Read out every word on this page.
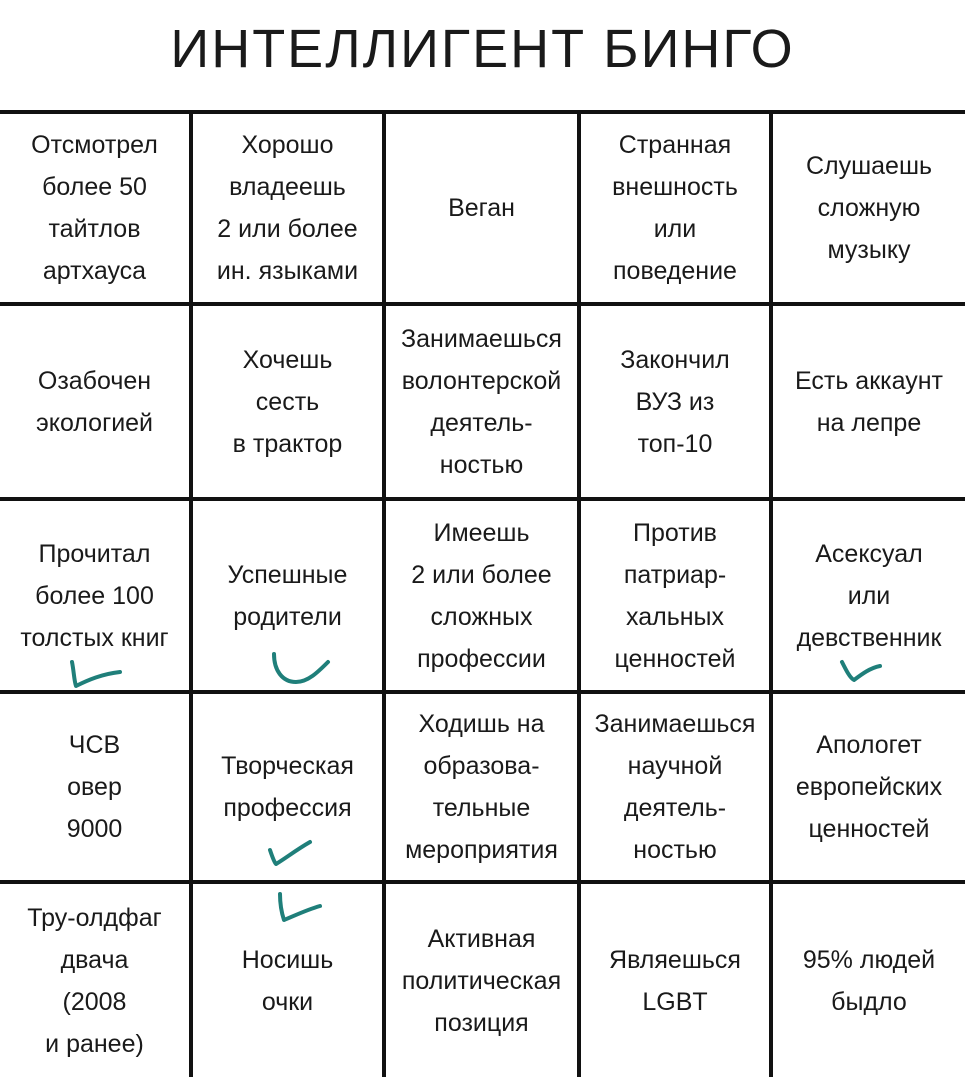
ИНТЕЛЛИГЕНТ БИНГО
Отсмотрел
более 50
тайтлов
артхауса
Хорошо
владеешь
2 или более
ин. языками
Веган
Странная
внешность
или
поведение
Слушаешь
сложную
музыку
Озабочен
экологией
Хочешь
сесть
в трактор
Занимаешься
волонтерской
деятель-
ностью
Закончил
ВУЗ из
топ-10
Есть аккаунт
на лепре
Прочитал
более 100
толстых книг
Успешные
родители
Имеешь
2 или более
сложных
профессии
Против
патриар-
хальных
ценностей
Асексуал
или
девственник
ЧСВ
овер
9000
Творческая
профессия
Ходишь на
образова-
тельные
мероприятия
Занимаешься
научной
деятель-
ностью
Апологет
европейских
ценностей
Тру-олдфаг
двача
(2008
и ранее)
Носишь
очки
Активная
политическая
позиция
Являешься
LGBT
95% людей
быдло
